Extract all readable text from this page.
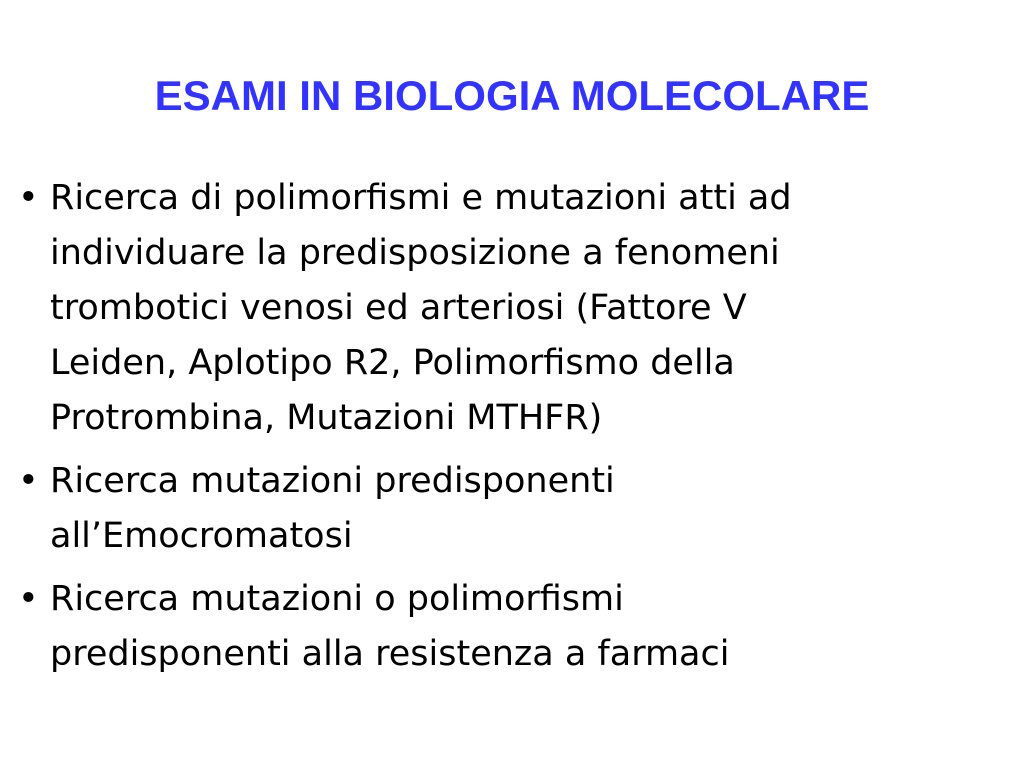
ESAMI IN BIOLOGIA MOLECOLARE
• Ricerca di polimorfismi e mutazioni atti ad
individuare la predisposizione a fenomeni
trombotici venosi ed arteriosi (Fattore V
Leiden, Aplotipo R2, Polimorfismo della
Protrombina, Mutazioni MTHFR)
• Ricerca mutazioni predisponenti
all’Emocromatosi
• Ricerca mutazioni o polimorfismi
predisponenti alla resistenza a farmaci
